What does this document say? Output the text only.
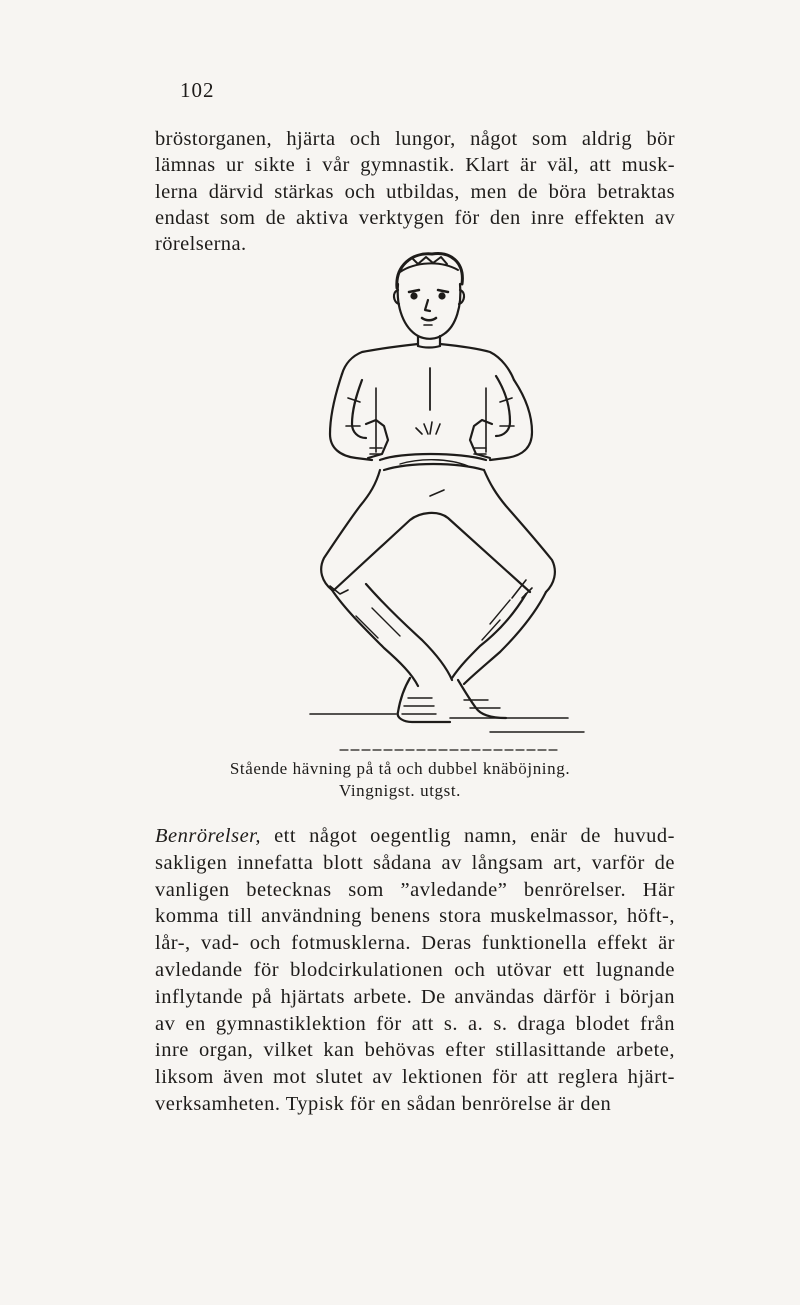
102

bröstorganen, hjärta och lungor, något som aldrig bör
lämnas ur sikte i vår gymnastik. Klart är väl, att musk-
lerna därvid stärkas och utbildas, men de böra betraktas
endast som de aktiva verktygen för den inre effekten av
rörelserna.

Stående hävning på tå och dubbel knäböjning.
Vingnigst. utgst.

Benrörelser, ett något oegentlig namn, enär de huvud-
sakligen innefatta blott sådana av långsam art, varför de
vanligen betecknas som ”avledande” benrörelser. Här
komma till användning benens stora muskelmassor, höft-,
lår-, vad- och fotmusklerna. Deras funktionella effekt är
avledande för blodcirkulationen och utövar ett lugnande
inflytande på hjärtats arbete. De användas därför i början
av en gymnastiklektion för att s. a. s. draga blodet från
inre organ, vilket kan behövas efter stillasittande arbete,
liksom även mot slutet av lektionen för att reglera hjärt-
verksamheten. Typisk för en sådan benrörelse är den
